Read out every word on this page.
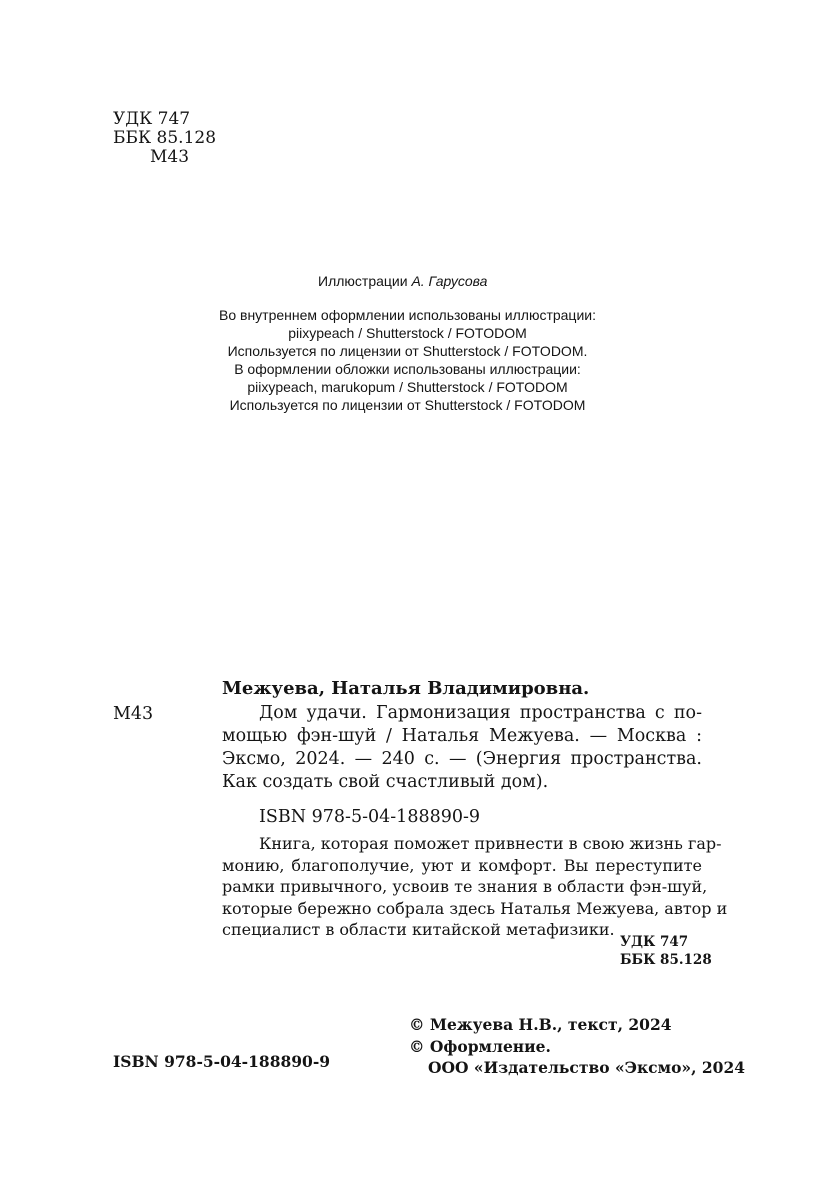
УДК 747
ББК 85.128
М43
Иллюстрации А. Гарусова
Во внутреннем оформлении использованы иллюстрации:
piixypeach / Shutterstock / FOTODOM
Используется по лицензии от Shutterstock / FOTODOM.
В оформлении обложки использованы иллюстрации:
piixypeach, marukopum / Shutterstock / FOTODOM
Используется по лицензии от Shutterstock / FOTODOM
Межуева, Наталья Владимировна.
М43	Дом удачи. Гармонизация пространства с по-
мощью фэн-шуй / Наталья Межуева. — Москва :
Эксмо, 2024. — 240 с. — (Энергия пространства.
Как создать свой счастливый дом).
ISBN 978-5-04-188890-9
Книга, которая поможет привнести в свою жизнь гар-
монию, благополучие, уют и комфорт. Вы переступите
рамки привычного, усвоив те знания в области фэн-шуй,
которые бережно собрала здесь Наталья Межуева, автор и
специалист в области китайской метафизики.
УДК 747
ББК 85.128
ISBN 978-5-04-188890-9
© Межуева Н.В., текст, 2024
© Оформление.
ООО «Издательство «Эксмо», 2024
